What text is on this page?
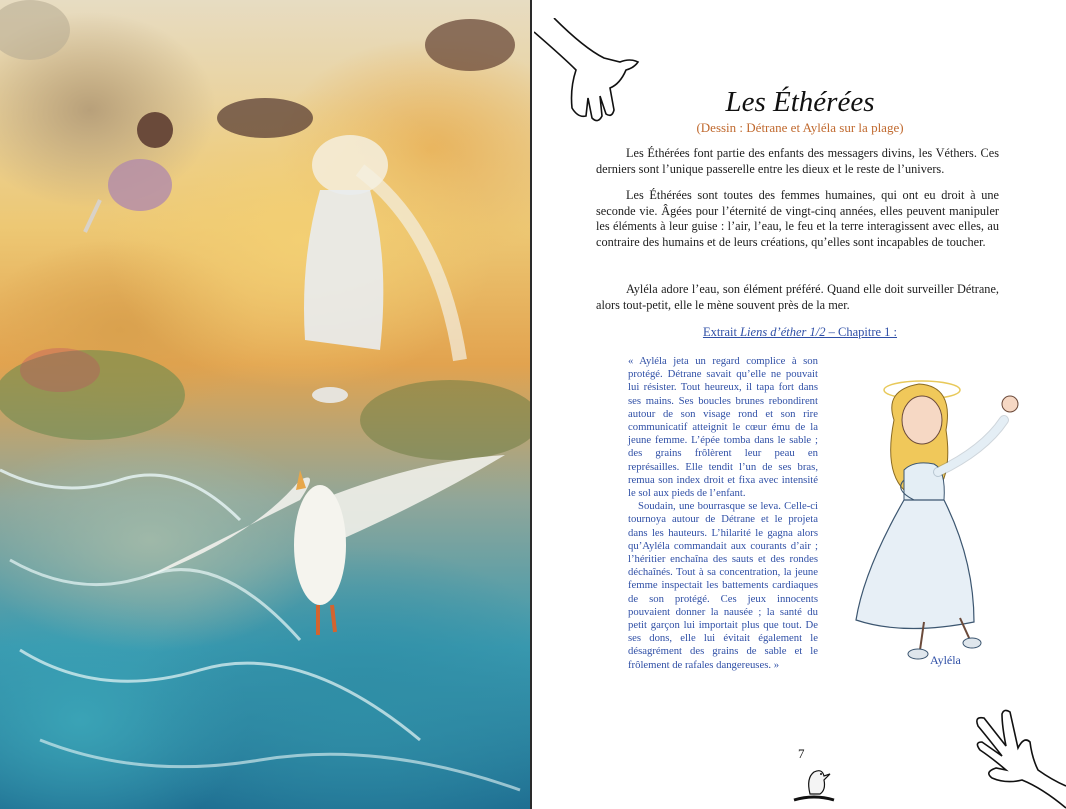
Les Éthérées
(Dessin : Détrane et Ayléla sur la plage)

Les Éthérées font partie des enfants des messagers divins, les Véthers. Ces derniers sont l’unique passerelle entre les dieux et le reste de l’univers.

Les Éthérées sont toutes des femmes humaines, qui ont eu droit à une seconde vie. Âgées pour l’éternité de vingt-cinq années, elles peuvent manipuler les éléments à leur guise : l’air, l’eau, le feu et la terre interagissent avec elles, au contraire des humains et de leurs créations, qu’elles sont incapables de toucher.

Ayléla adore l’eau, son élément préféré. Quand elle doit surveiller Détrane, alors tout-petit, elle le mène souvent près de la mer.

Extrait Liens d’éther 1/2 – Chapitre 1 :

« Ayléla jeta un regard complice à son protégé. Détrane savait qu’elle ne pouvait lui résister. Tout heureux, il tapa fort dans ses mains. Ses boucles brunes rebondirent autour de son visage rond et son rire communicatif atteignit le cœur ému de la jeune femme. L’épée tomba dans le sable ; des grains frôlèrent leur peau en représailles. Elle tendit l’un de ses bras, remua son index droit et fixa avec intensité le sol aux pieds de l’enfant.

Soudain, une bourrasque se leva. Celle-ci tournoya autour de Détrane et le projeta dans les hauteurs. L’hilarité le gagna alors qu’Ayléla commandait aux courants d’air ; l’héritier enchaîna des sauts et des rondes déchaînés. Tout à sa concentration, la jeune femme inspectait les battements cardiaques de son protégé. Ces jeux innocents pouvaient donner la nausée ; la santé du petit garçon lui importait plus que tout. De ses dons, elle lui évitait également le désagrément des grains de sable et le frôlement de rafales dangereuses. »	Ayléla
7
